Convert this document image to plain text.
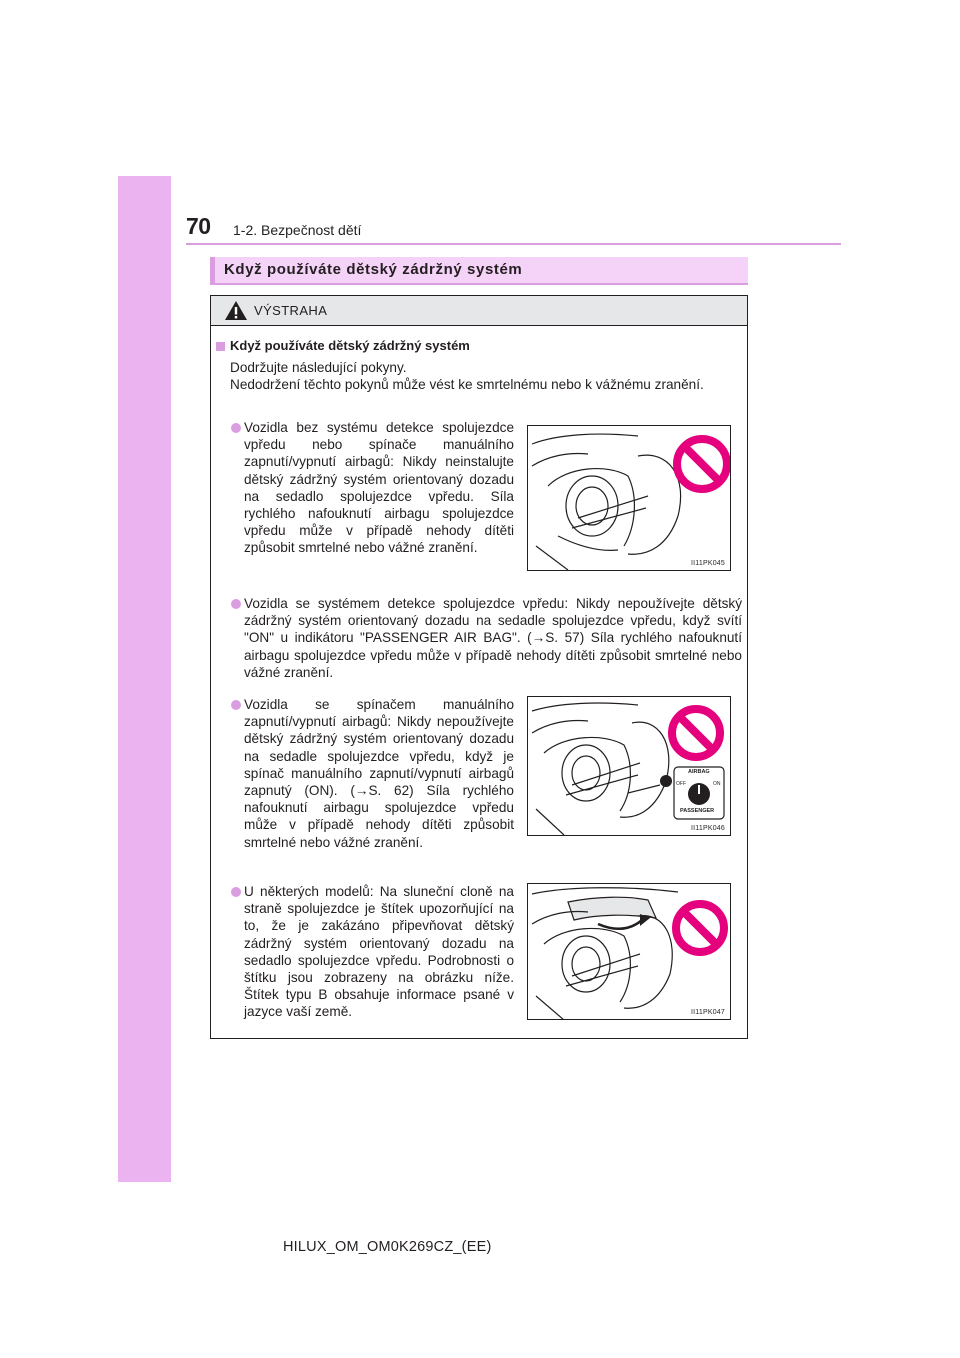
70 1-2. Bezpečnost dětí
Když používáte dětský zádržný systém
VÝSTRAHA
Když používáte dětský zádržný systém
Dodržujte následující pokyny.
Nedodržení těchto pokynů může vést ke smrtelnému nebo k vážnému zranění.
Vozidla bez systému detekce spolujezdce vpředu nebo spínače manuálního zapnutí/vypnutí airbagů: Nikdy neinstalujte dětský zádržný systém orientovaný dozadu na sedadlo spolujezdce vpředu. Síla rychlého nafouknutí airbagu spolujezdce vpředu může v případě nehody dítěti způsobit smrtelné nebo vážné zranění.
II11PK045
Vozidla se systémem detekce spolujezdce vpředu: Nikdy nepoužívejte dětský zádržný systém orientovaný dozadu na sedadle spolujezdce vpředu, když svítí "ON" u indikátoru "PASSENGER AIR BAG". (→S. 57) Síla rychlého nafouknutí airbagu spolujezdce vpředu může v případě nehody dítěti způsobit smrtelné nebo vážné zranění.
Vozidla se spínačem manuálního zapnutí/vypnutí airbagů: Nikdy nepoužívejte dětský zádržný systém orientovaný dozadu na sedadle spolujezdce vpředu, když je spínač manuálního zapnutí/vypnutí airbagů zapnutý (ON). (→S. 62) Síla rychlého nafouknutí airbagu spolujezdce vpředu může v případě nehody dítěti způsobit smrtelné nebo vážné zranění.
AIRBAG
OFF	ON
PASSENGER
II11PK046
U některých modelů: Na sluneční cloně na straně spolujezdce je štítek upozorňující na to, že je zakázáno připevňovat dětský zádržný systém orientovaný dozadu na sedadlo spolujezdce vpředu. Podrobnosti o štítku jsou zobrazeny na obrázku níže. Štítek typu B obsahuje informace psané v jazyce vaší země.	II11PK047
HILUX_OM_OM0K269CZ_(EE)
